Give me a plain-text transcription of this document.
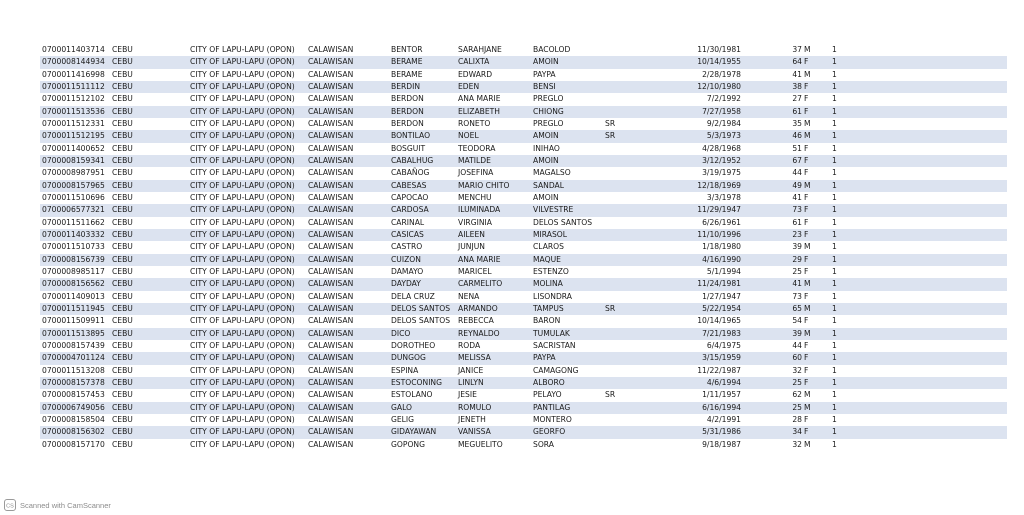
0700011403714	CEBU	CITY OF LAPU-LAPU (OPON)	CALAWISAN	BENTOR	SARAHJANE	BACOLOD		11/30/1981	37	M	1
0700008144934	CEBU	CITY OF LAPU-LAPU (OPON)	CALAWISAN	BERAME	CALIXTA	AMOIN		10/14/1955	64	F	1
0700011416998	CEBU	CITY OF LAPU-LAPU (OPON)	CALAWISAN	BERAME	EDWARD	PAYPA		2/28/1978	41	M	1
0700011511112	CEBU	CITY OF LAPU-LAPU (OPON)	CALAWISAN	BERDIN	EDEN	BENSI		12/10/1980	38	F	1
0700011512102	CEBU	CITY OF LAPU-LAPU (OPON)	CALAWISAN	BERDON	ANA MARIE	PREGLO		7/2/1992	27	F	1
0700011513536	CEBU	CITY OF LAPU-LAPU (OPON)	CALAWISAN	BERDON	ELIZABETH	CHIONG		7/27/1958	61	F	1
0700011512331	CEBU	CITY OF LAPU-LAPU (OPON)	CALAWISAN	BERDON	RONETO	PREGLO	SR	9/2/1984	35	M	1
0700011512195	CEBU	CITY OF LAPU-LAPU (OPON)	CALAWISAN	BONTILAO	NOEL	AMOIN	SR	5/3/1973	46	M	1
0700011400652	CEBU	CITY OF LAPU-LAPU (OPON)	CALAWISAN	BOSGUIT	TEODORA	INIHAO		4/28/1968	51	F	1
0700008159341	CEBU	CITY OF LAPU-LAPU (OPON)	CALAWISAN	CABALHUG	MATILDE	AMOIN		3/12/1952	67	F	1
0700008987951	CEBU	CITY OF LAPU-LAPU (OPON)	CALAWISAN	CABAÑOG	JOSEFINA	MAGALSO		3/19/1975	44	F	1
0700008157965	CEBU	CITY OF LAPU-LAPU (OPON)	CALAWISAN	CABESAS	MARIO CHITO	SANDAL		12/18/1969	49	M	1
0700011510696	CEBU	CITY OF LAPU-LAPU (OPON)	CALAWISAN	CAPOCAO	MENCHU	AMOIN		3/3/1978	41	F	1
0700006577321	CEBU	CITY OF LAPU-LAPU (OPON)	CALAWISAN	CARDOSA	ILUMINADA	VILVESTRE		11/29/1947	73	F	1
0700011511662	CEBU	CITY OF LAPU-LAPU (OPON)	CALAWISAN	CARINAL	VIRGINIA	DELOS SANTOS		6/26/1961	61	F	1
0700011403332	CEBU	CITY OF LAPU-LAPU (OPON)	CALAWISAN	CASICAS	AILEEN	MIRASOL		11/10/1996	23	F	1
0700011510733	CEBU	CITY OF LAPU-LAPU (OPON)	CALAWISAN	CASTRO	JUNJUN	CLAROS		1/18/1980	39	M	1
0700008156739	CEBU	CITY OF LAPU-LAPU (OPON)	CALAWISAN	CUIZON	ANA MARIE	MAQUE		4/16/1990	29	F	1
0700008985117	CEBU	CITY OF LAPU-LAPU (OPON)	CALAWISAN	DAMAYO	MARICEL	ESTENZO		5/1/1994	25	F	1
0700008156562	CEBU	CITY OF LAPU-LAPU (OPON)	CALAWISAN	DAYDAY	CARMELITO	MOLINA		11/24/1981	41	M	1
0700011409013	CEBU	CITY OF LAPU-LAPU (OPON)	CALAWISAN	DELA CRUZ	NENA	LISONDRA		1/27/1947	73	F	1
0700011511945	CEBU	CITY OF LAPU-LAPU (OPON)	CALAWISAN	DELOS SANTOS	ARMANDO	TAMPUS	SR	5/22/1954	65	M	1
0700011509911	CEBU	CITY OF LAPU-LAPU (OPON)	CALAWISAN	DELOS SANTOS	REBECCA	BARON		10/14/1965	54	F	1
0700011513895	CEBU	CITY OF LAPU-LAPU (OPON)	CALAWISAN	DICO	REYNALDO	TUMULAK		7/21/1983	39	M	1
0700008157439	CEBU	CITY OF LAPU-LAPU (OPON)	CALAWISAN	DOROTHEO	RODA	SACRISTAN		6/4/1975	44	F	1
0700004701124	CEBU	CITY OF LAPU-LAPU (OPON)	CALAWISAN	DUNGOG	MELISSA	PAYPA		3/15/1959	60	F	1
0700011513208	CEBU	CITY OF LAPU-LAPU (OPON)	CALAWISAN	ESPINA	JANICE	CAMAGONG		11/22/1987	32	F	1
0700008157378	CEBU	CITY OF LAPU-LAPU (OPON)	CALAWISAN	ESTOCONING	LINLYN	ALBORO		4/6/1994	25	F	1
0700008157453	CEBU	CITY OF LAPU-LAPU (OPON)	CALAWISAN	ESTOLANO	JESIE	PELAYO	SR	1/11/1957	62	M	1
0700006749056	CEBU	CITY OF LAPU-LAPU (OPON)	CALAWISAN	GALO	ROMULO	PANTILAG		6/16/1994	25	M	1
0700008158504	CEBU	CITY OF LAPU-LAPU (OPON)	CALAWISAN	GELIG	JENETH	MONTERO		4/2/1991	28	F	1
0700008156302	CEBU	CITY OF LAPU-LAPU (OPON)	CALAWISAN	GIDAYAWAN	VANISSA	GEORFO		5/31/1986	34	F	1
0700008157170	CEBU	CITY OF LAPU-LAPU (OPON)	CALAWISAN	GOPONG	MEGUELITO	SORA		9/18/1987	32	M	1
CS Scanned with CamScanner
